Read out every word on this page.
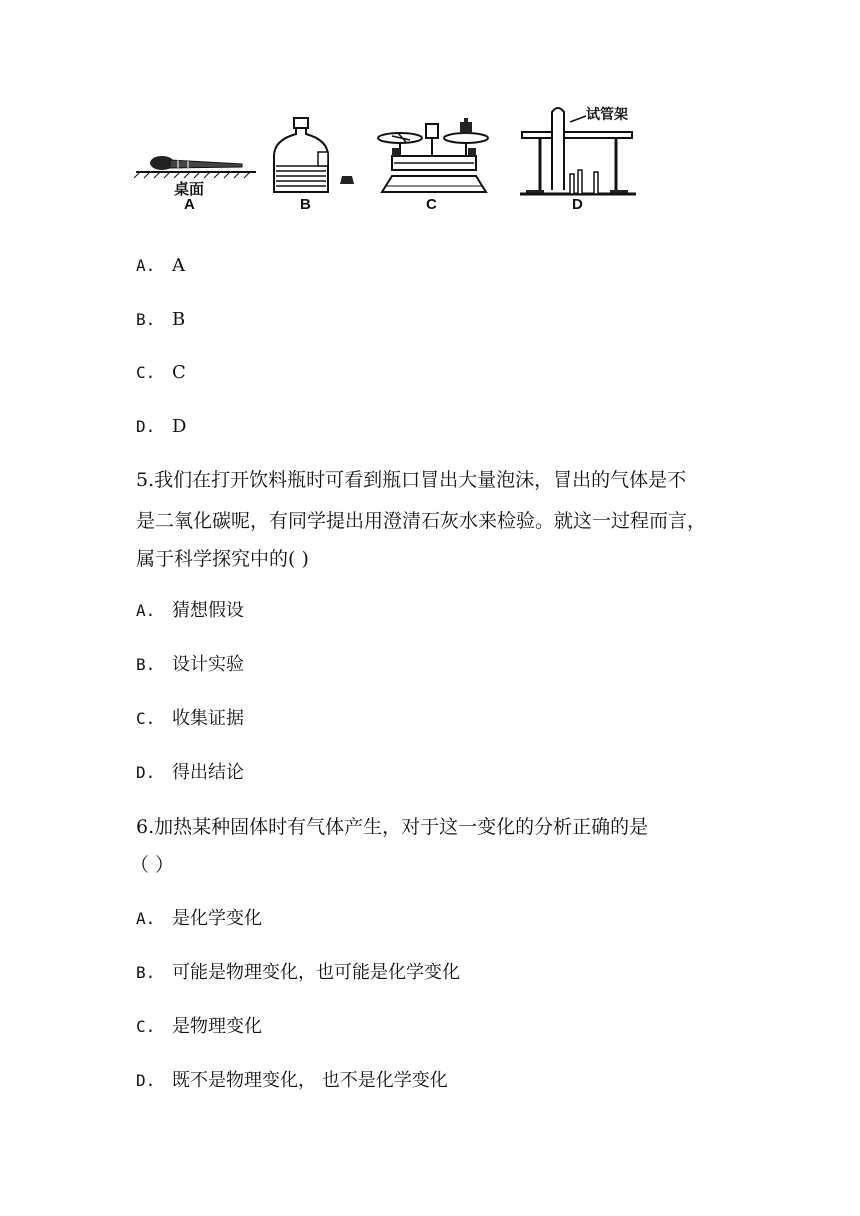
桌面
A	B	C
试管架
D
A. A
B. B
C. C
D. D
5.我们在打开饮料瓶时可看到瓶口冒出大量泡沫，冒出的气体是不
是二氧化碳呢，有同学提出用澄清石灰水来检验。就这一过程而言，
属于科学探究中的( )
A. 猜想假设
B. 设计实验
C. 收集证据
D. 得出结论
6.加热某种固体时有气体产生，对于这一变化的分析正确的是
（ ）
A. 是化学变化
B. 可能是物理变化，也可能是化学变化
C. 是物理变化
D. 既不是物理变化， 也不是化学变化
